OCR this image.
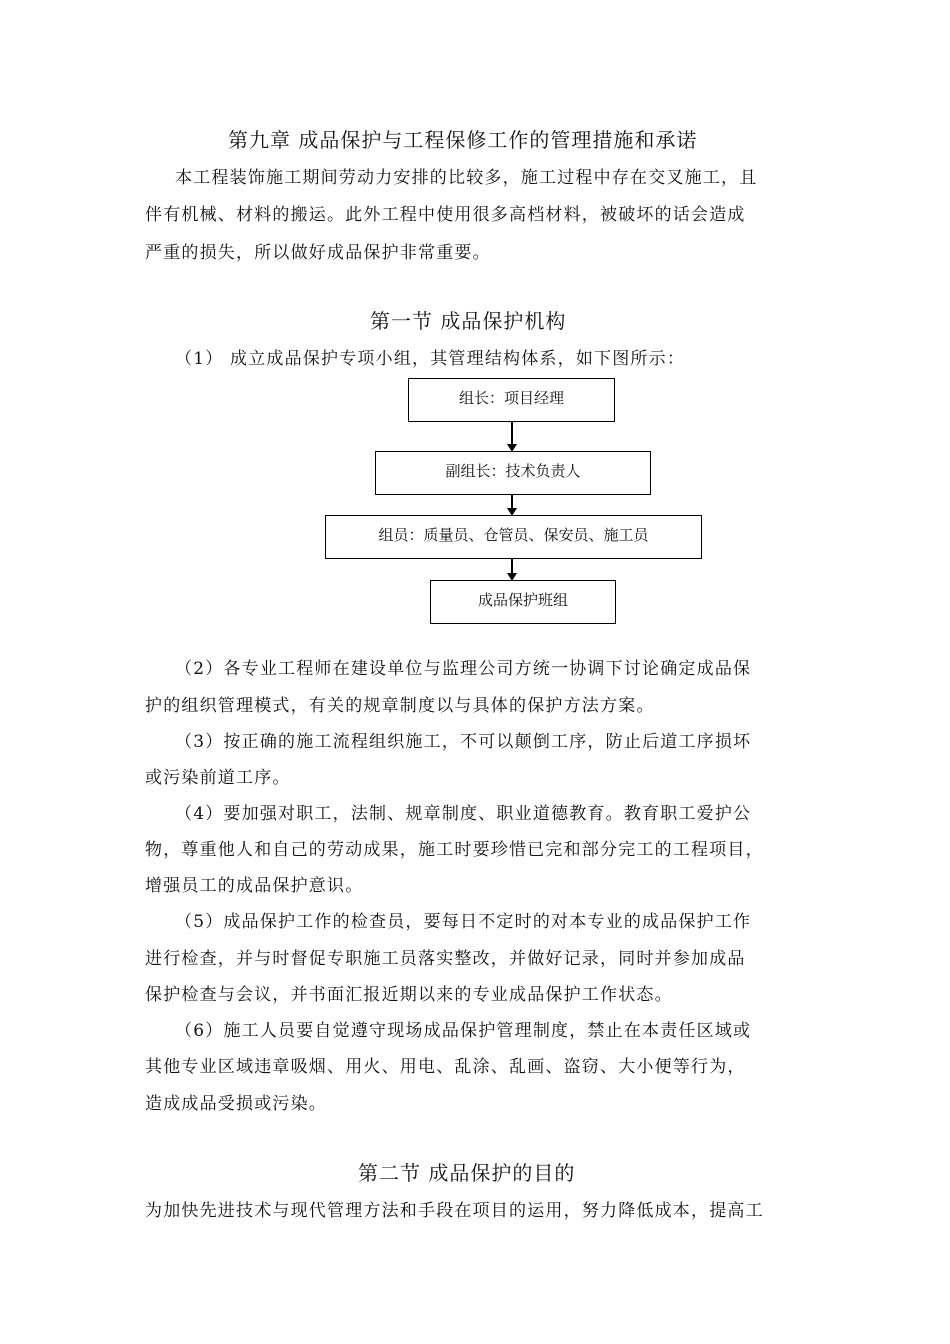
第九章 成品保护与工程保修工作的管理措施和承诺
本工程装饰施工期间劳动力安排的比较多，施工过程中存在交叉施工，且
伴有机械、材料的搬运。此外工程中使用很多高档材料，被破坏的话会造成
严重的损失，所以做好成品保护非常重要。
第一节 成品保护机构
（1） 成立成品保护专项小组，其管理结构体系，如下图所示：
组长：项目经理
副组长：技术负责人
组员：质量员、仓管员、保安员、施工员
成品保护班组
（2）各专业工程师在建设单位与监理公司方统一协调下讨论确定成品保
护的组织管理模式，有关的规章制度以与具体的保护方法方案。
（3）按正确的施工流程组织施工，不可以颠倒工序，防止后道工序损坏
或污染前道工序。
（4）要加强对职工，法制、规章制度、职业道德教育。教育职工爱护公
物，尊重他人和自己的劳动成果，施工时要珍惜已完和部分完工的工程项目，
增强员工的成品保护意识。
（5）成品保护工作的检查员，要每日不定时的对本专业的成品保护工作
进行检查，并与时督促专职施工员落实整改，并做好记录，同时并参加成品
保护检查与会议，并书面汇报近期以来的专业成品保护工作状态。
（6）施工人员要自觉遵守现场成品保护管理制度，禁止在本责任区域或
其他专业区域违章吸烟、用火、用电、乱涂、乱画、盗窃、大小便等行为，
造成成品受损或污染。
第二节 成品保护的目的
为加快先进技术与现代管理方法和手段在项目的运用，努力降低成本，提高工
